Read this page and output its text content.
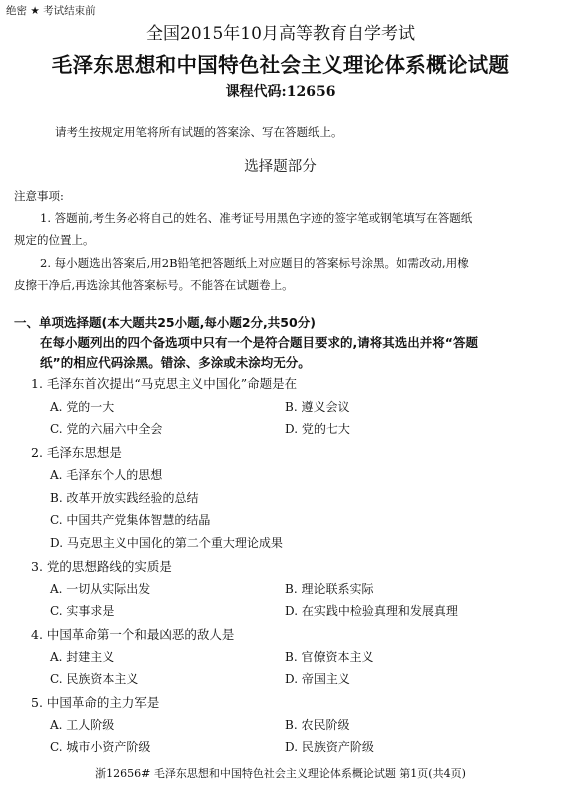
绝密 ★ 考试结束前
全国2015年10月高等教育自学考试
毛泽东思想和中国特色社会主义理论体系概论试题
课程代码:12656
请考生按规定用笔将所有试题的答案涂、写在答题纸上。
选择题部分
注意事项:
1. 答题前,考生务必将自己的姓名、准考证号用黑色字迹的签字笔或钢笔填写在答题纸
规定的位置上。
2. 每小题选出答案后,用2B铅笔把答题纸上对应题目的答案标号涂黑。如需改动,用橡
皮擦干净后,再选涂其他答案标号。不能答在试题卷上。
一、单项选择题(本大题共25小题,每小题2分,共50分)
在每小题列出的四个备选项中只有一个是符合题目要求的,请将其选出并将“答题
纸”的相应代码涂黑。错涂、多涂或未涂均无分。
1. 毛泽东首次提出“马克思主义中国化”命题是在
A. 党的一大	B. 遵义会议
C. 党的六届六中全会	D. 党的七大
2. 毛泽东思想是
A. 毛泽东个人的思想
B. 改革开放实践经验的总结
C. 中国共产党集体智慧的结晶
D. 马克思主义中国化的第二个重大理论成果
3. 党的思想路线的实质是
A. 一切从实际出发	B. 理论联系实际
C. 实事求是	D. 在实践中检验真理和发展真理
4. 中国革命第一个和最凶恶的敌人是
A. 封建主义	B. 官僚资本主义
C. 民族资本主义	D. 帝国主义
5. 中国革命的主力军是
A. 工人阶级	B. 农民阶级
C. 城市小资产阶级	D. 民族资产阶级
浙12656# 毛泽东思想和中国特色社会主义理论体系概论试题 第1页(共4页)
